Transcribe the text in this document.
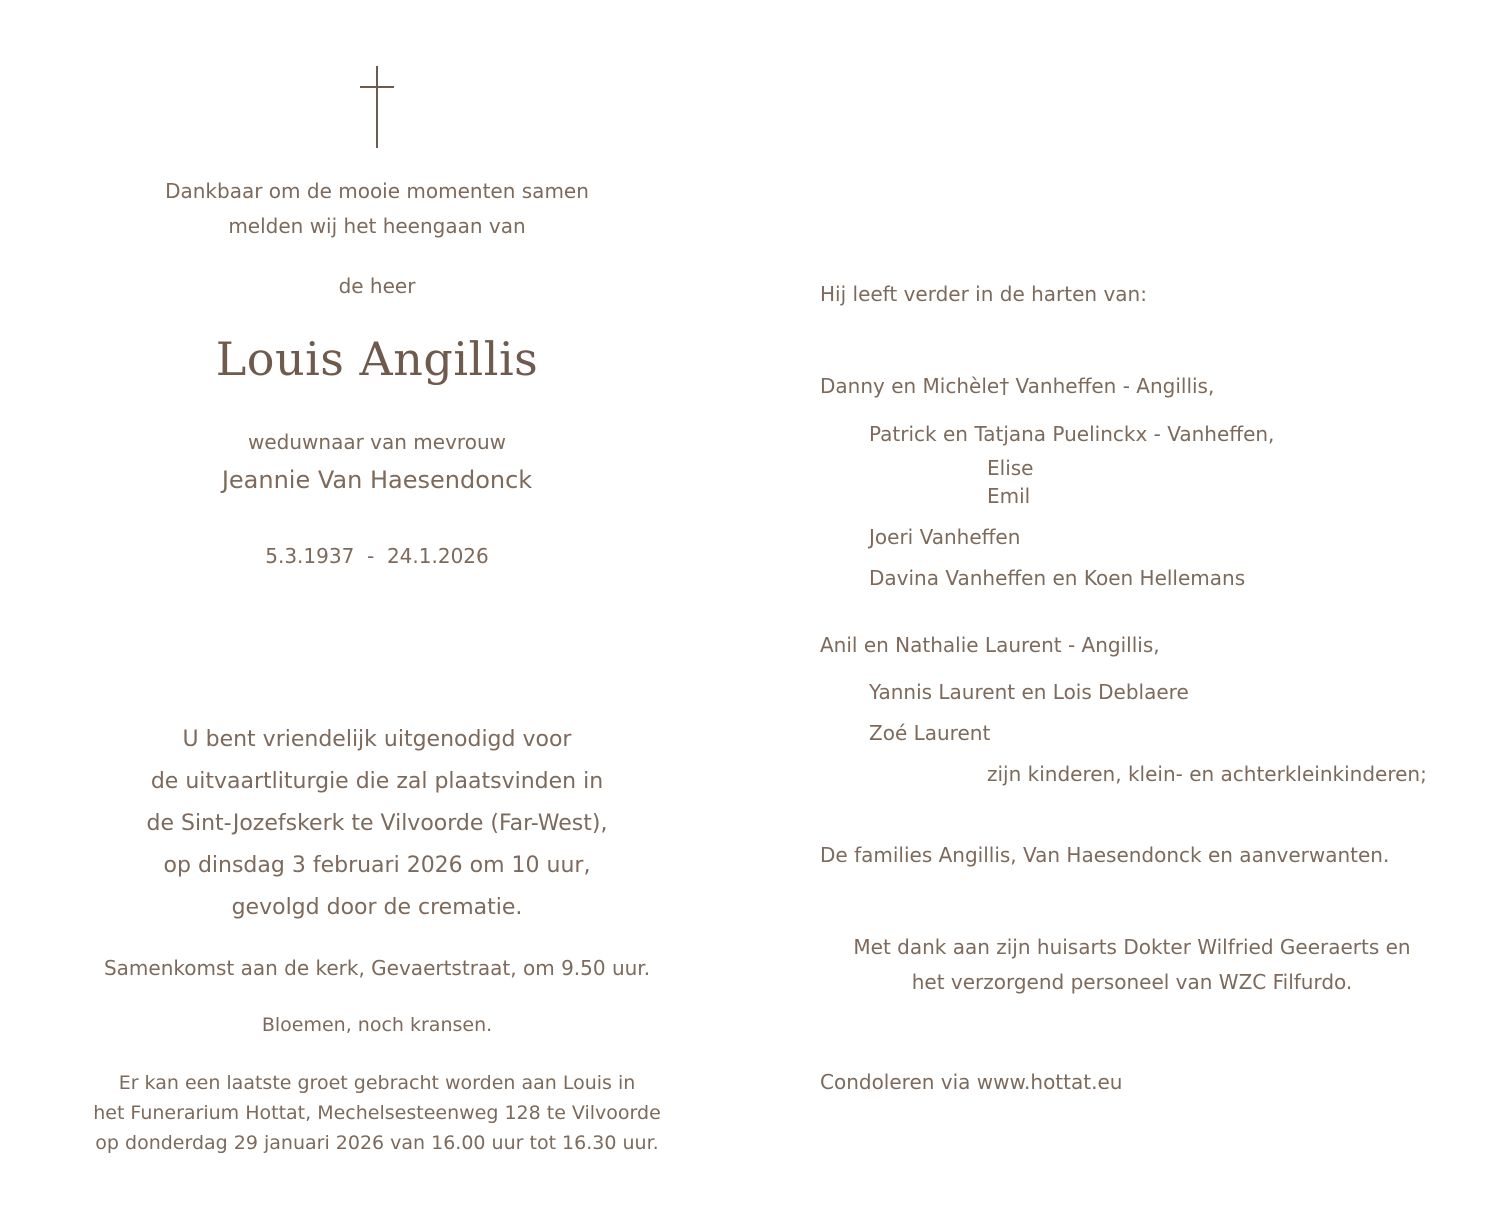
Dankbaar om de mooie momenten samen
melden wij het heengaan van
de heer
Louis Angillis
weduwnaar van mevrouw
Jeannie Van Haesendonck
5.3.1937  -  24.1.2026
U bent vriendelijk uitgenodigd voor
de uitvaartliturgie die zal plaatsvinden in
de Sint-Jozefskerk te Vilvoorde (Far-West),
op dinsdag 3 februari 2026 om 10 uur,
gevolgd door de crematie.
Samenkomst aan de kerk, Gevaertstraat, om 9.50 uur.
Bloemen, noch kransen.
Er kan een laatste groet gebracht worden aan Louis in
het Funerarium Hottat, Mechelsesteenweg 128 te Vilvoorde
op donderdag 29 januari 2026 van 16.00 uur tot 16.30 uur.
Hij leeft verder in de harten van:
Danny en Michèle† Vanheffen - Angillis,
Patrick en Tatjana Puelinckx - Vanheffen,
Elise
Emil
Joeri Vanheffen
Davina Vanheffen en Koen Hellemans
Anil en Nathalie Laurent - Angillis,
Yannis Laurent en Lois Deblaere
Zoé Laurent
zijn kinderen, klein- en achterkleinkinderen;
De families Angillis, Van Haesendonck en aanverwanten.
Met dank aan zijn huisarts Dokter Wilfried Geeraerts en
het verzorgend personeel van WZC Filfurdo.
Condoleren via www.hottat.eu
